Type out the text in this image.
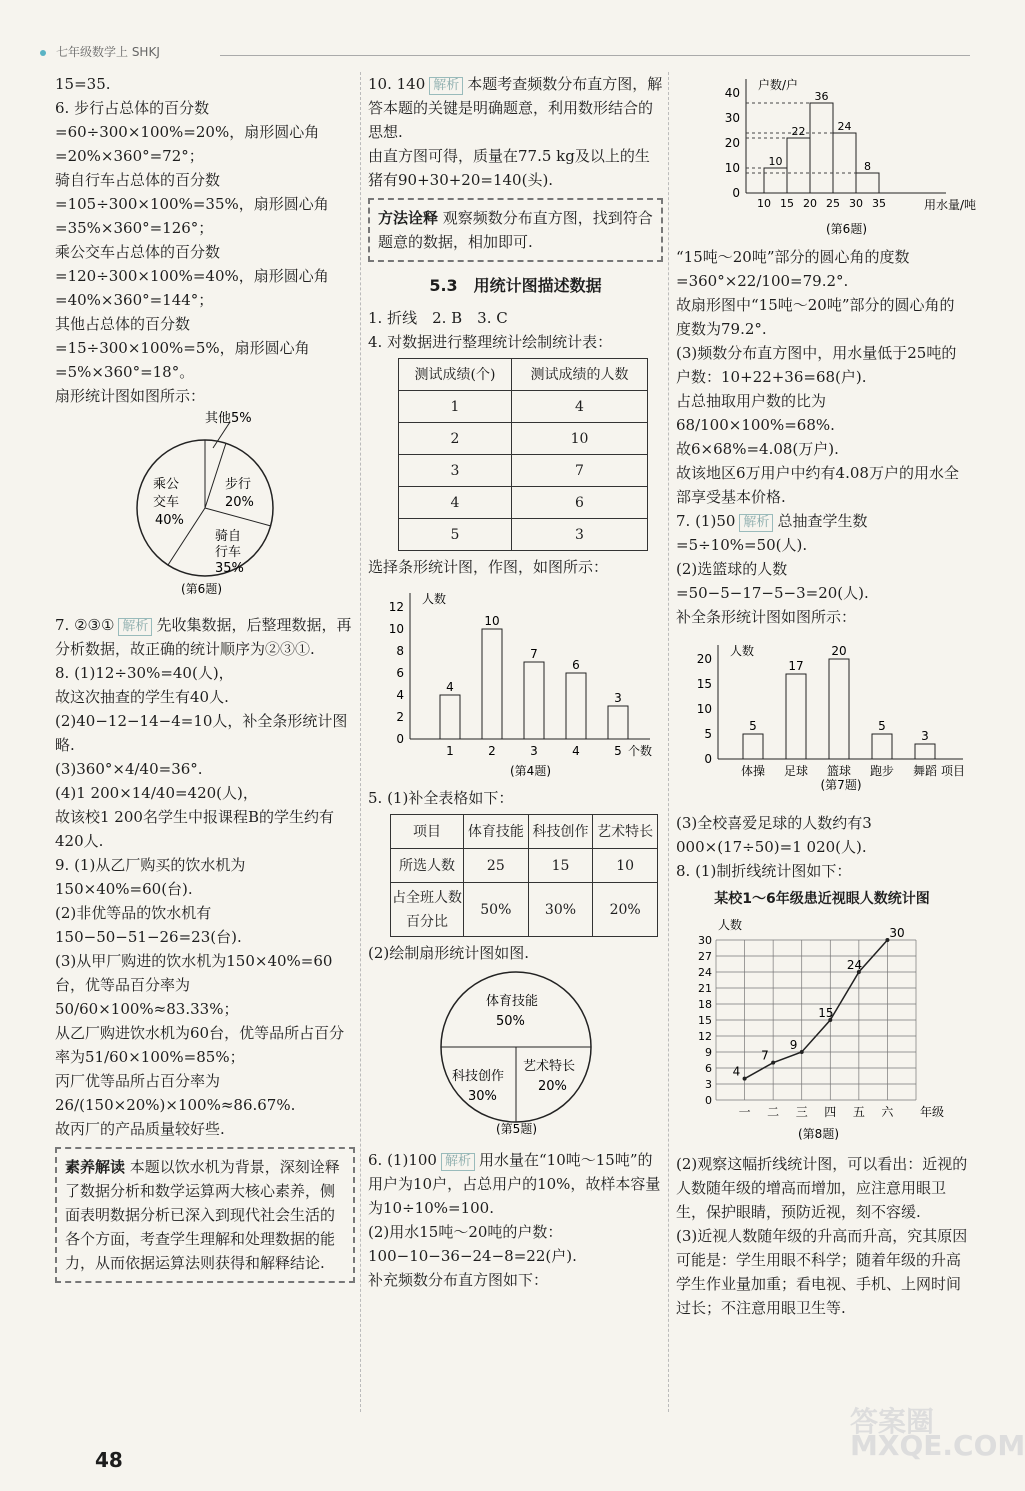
七年级数学上 SHKJ

15=35.

6. 步行占总体的百分数=60÷300×100%=20%，扇形圆心角=20%×360°=72°；

骑自行车占总体的百分数=105÷300×100%=35%，扇形圆心角=35%×360°=126°；

乘公交车占总体的百分数=120÷300×100%=40%，扇形圆心角=40%×360°=144°；

其他占总体的百分数=15÷300×100%=5%，扇形圆心角=5%×360°=18°。

扇形统计图如图所示：

其他5%
步行
20%
乘公
交车
40%
骑自
行车
35%
(第6题)

7. ②③① 解析 先收集数据，后整理数据，再分析数据，故正确的统计顺序为②③①.

8. (1)12÷30%=40(人)，

故这次抽查的学生有40人.

(2)40−12−14−4=10人，补全条形统计图略.

(3)360°×4/40=36°.

(4)1 200×14/40=420(人)，

故该校1 200名学生中报课程B的学生约有420人.

9. (1)从乙厂购买的饮水机为150×40%=60(台).

(2)非优等品的饮水机有150−50−51−26=23(台).

(3)从甲厂购进的饮水机为150×40%=60台，优等品百分率为50/60×100%≈83.33%；

从乙厂购进饮水机为60台，优等品所占百分率为51/60×100%=85%；

丙厂优等品所占百分率为26/(150×20%)×100%≈86.67%.

故丙厂的产品质量较好些.

素养解读 本题以饮水机为背景，深刻诠释了数据分析和数学运算两大核心素养，侧面表明数据分析已深入到现代社会生活的各个方面，考查学生理解和处理数据的能力，从而依据运算法则获得和解释结论.

10. 140 解析 本题考查频数分布直方图，解答本题的关键是明确题意，利用数形结合的思想.

由直方图可得，质量在77.5 kg及以上的生猪有90+30+20=140(头).

方法诠释 观察频数分布直方图，找到符合题意的数据，相加即可.
5.3　用统计图描述数据

1. 折线　2. B　3. C

4. 对数据进行整理统计绘制统计表：

测试成绩(个)	测试成绩的人数
1	4
2	10
3	7
4	6
5	3

选择条形统计图，作图，如图所示：

人数
个数
0
2
4
6
8
10
12
4
1
10
2
7
3
6
4
3
5
(第4题)

5. (1)补全表格如下：

项目	体育技能	科技创作	艺术特长
所选人数	25	15	10
占全班人数百分比	50%	30%	20%

(2)绘制扇形统计图如图.

体育技能
50%
科技创作
30%
艺术特长
20%
(第5题)

6. (1)100 解析 用水量在“10吨～15吨”的用户为10户，占总用户的10%，故样本容量为10÷10%=100.

(2)用水15吨～20吨的户数：

100−10−36−24−8=22(户).

补充频数分布直方图如下：

户数/户
用水量/吨
0
10
20
30
40
10 15 20 25 30 35
10
22
36
24
8
(第6题)

“15吨～20吨”部分的圆心角的度数=360°×22/100=79.2°.

故扇形图中“15吨～20吨”部分的圆心角的度数为79.2°.

(3)频数分布直方图中，用水量低于25吨的户数：10+22+36=68(户).

占总抽取用户数的比为68/100×100%=68%.

故6×68%=4.08(万户).

故该地区6万用户中约有4.08万户的用水全部享受基本价格.

7. (1)50 解析 总抽查学生数=5÷10%=50(人).

(2)选篮球的人数=50−5−17−5−3=20(人).

补全条形统计图如图所示：

人数
项目
0
5
10
15
20
5
体操
17
足球
20
篮球
5
跑步
3
舞蹈
(第7题)

(3)全校喜爱足球的人数约有3 000×(17÷50)=1 020(人).

8. (1)制折线统计图如下：

某校1～6年级患近视眼人数统计图
0
3
6
9
12
15
18
21
24
27
30
人数
年级
4
一
7
二
9
三
15
四
24
五
30
六
(第8题)

(2)观察这幅折线统计图，可以看出：近视的人数随年级的增高而增加，应注意用眼卫生，保护眼睛，预防近视，刻不容缓.

(3)近视人数随年级的升高而升高，究其原因可能是：学生用眼不科学；随着年级的升高学生作业量加重；看电视、手机、上网时间过长；不注意用眼卫生等.

48
答案圈 MXQE.COM
